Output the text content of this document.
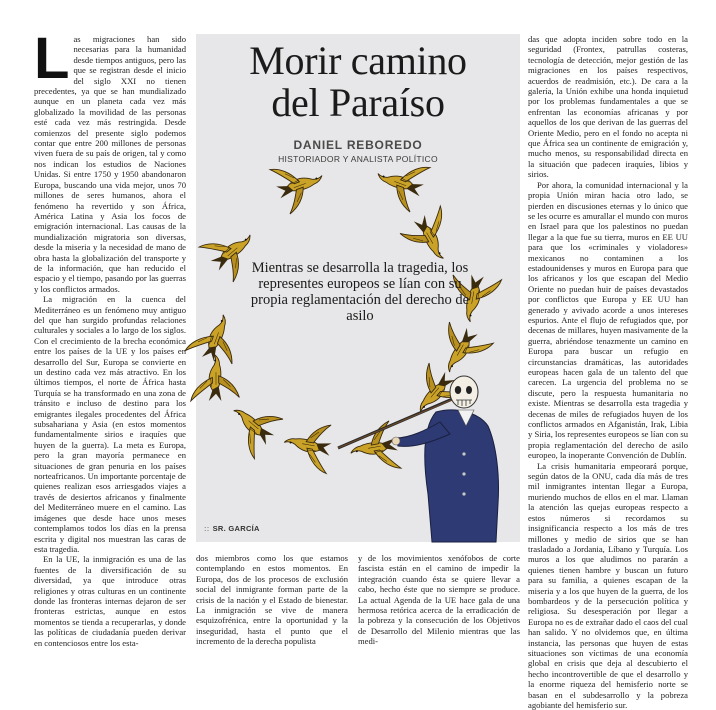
Las migraciones han sido necesarias para la humanidad desde tiempos antiguos, pero las que se registran desde el inicio del siglo XXI no tienen precedentes, ya que se han mundializado aunque en un planeta cada vez más globalizado la movilidad de las personas esté cada vez más restringida. Desde comienzos del presente siglo podemos contar que entre 200 millones de personas viven fuera de su país de origen, tal y como nos indican los estudios de Naciones Unidas. Si entre 1750 y 1950 abandonaron Europa, buscando una vida mejor, unos 70 millones de seres humanos, ahora el fenómeno ha revertido y son África, América Latina y Asia los focos de emigración internacional. Las causas de la mundialización migratoria son diversas, desde la miseria y la necesidad de mano de obra hasta la globalización del transporte y de la información, que han reducido el espacio y el tiempo, pasando por las guerras y los conflictos armados.

La migración en la cuenca del Mediterráneo es un fenómeno muy antiguo del que han surgido profundas relaciones culturales y sociales a lo largo de los siglos. Con el crecimiento de la brecha económica entre los países de la UE y los países en desarrollo del Sur, Europa se convierte en un destino cada vez más atractivo. En los últimos tiempos, el norte de África hasta Turquía se ha transformado en una zona de tránsito e incluso de destino para los emigrantes ilegales procedentes del África subsahariana y Asia (en estos momentos fundamentalmente sirios e iraquíes que huyen de la guerra). La meta es Europa, pero la gran mayoría permanece en situaciones de gran penuria en los países norteafricanos. Un importante porcentaje de quienes realizan esos arriesgados viajes a través de desiertos africanos y finalmente del Mediterráneo muere en el camino. Las imágenes que desde hace unos meses contemplamos todos los días en la prensa escrita y digital nos muestran las caras de esta tragedia.

En la UE, la inmigración es una de las fuentes de la diversificación de su diversidad, ya que introduce otras religiones y otras culturas en un continente donde las fronteras internas dejaron de ser fronteras estrictas, aunque en estos momentos se tienda a recuperarlas, y donde las políticas de ciudadanía pueden derivar en contenciosos entre los esta-

Morir camino
del Paraíso
DANIEL REBOREDO
HISTORIADOR Y ANALISTA POLÍTICO
Mientras se desarrolla la tragedia, los representes europeos se lían con su propia reglamentación del derecho de asilo
:: SR. GARCÍA

dos miembros como los que estamos contemplando en estos momentos. En Europa, dos de los procesos de exclusión social del inmigrante forman parte de la crisis de la nación y el Estado de bienestar. La inmigración se vive de manera esquizofrénica, entre la oportunidad y la inseguridad, hasta el punto que el incremento de la derecha populista

y de los movimientos xenófobos de corte fascista están en el camino de impedir la integración cuando ésta se quiere llevar a cabo, hecho éste que no siempre se produce. La actual Agenda de la UE hace gala de una hermosa retórica acerca de la erradicación de la pobreza y la consecución de los Objetivos de Desarrollo del Milenio mientras que las medi-

das que adopta inciden sobre todo en la seguridad (Frontex, patrullas costeras, tecnología de detección, mejor gestión de las migraciones en los países respectivos, acuerdos de readmisión, etc.). De cara a la galería, la Unión exhibe una honda inquietud por los problemas fundamentales a que se enfrentan las economías africanas y por aquellos de los que derivan de las guerras del Oriente Medio, pero en el fondo no acepta ni que África sea un continente de emigración y, mucho menos, su responsabilidad directa en la situación que padecen iraquíes, libios y sirios.

Por ahora, la comunidad internacional y la propia Unión miran hacia otro lado, se pierden en discusiones eternas y lo único que se les ocurre es amurallar el mundo con muros en Israel para que los palestinos no puedan llegar a la que fue su tierra, muros en EE UU para que los «criminales y violadores» mexicanos no contaminen a los estadounidenses y muros en Europa para que los africanos y los que escapan del Medio Oriente no puedan huir de países devastados por conflictos que Europa y EE UU han generado y avivado acorde a unos intereses espurios. Ante el flujo de refugiados que, por decenas de millares, huyen masivamente de la guerra, abriéndose tenazmente un camino en Europa para buscar un refugio en circunstancias dramáticas, las autoridades europeas hacen gala de un talento del que carecen. La urgencia del problema no se discute, pero la respuesta humanitaria no existe. Mientras se desarrolla esta tragedia y decenas de miles de refugiados huyen de los conflictos armados en Afganistán, Irak, Libia y Siria, los representes europeos se lían con su propia reglamentación del derecho de asilo europeo, la inoperante Convención de Dublín.

La crisis humanitaria empeorará porque, según datos de la ONU, cada día más de tres mil inmigrantes intentan llegar a Europa, muriendo muchos de ellos en el mar. Llaman la atención las quejas europeas respecto a estos números si recordamos su insignificancia respecto a los más de tres millones y medio de sirios que se han trasladado a Jordania, Líbano y Turquía. Los muros a los que aludimos no pararán a quienes tienen hambre y buscan un futuro para su familia, a quienes escapan de la miseria y a los que huyen de la guerra, de los bombardeos y de la persecución política y religiosa. Su desesperación por llegar a Europa no es de extrañar dado el caos del cual han salido. Y no olvidemos que, en última instancia, las personas que huyen de estas situaciones son víctimas de una economía global en crisis que deja al descubierto el hecho incontrovertible de que el desarrollo y la enorme riqueza del hemisferio norte se basan en el subdesarrollo y la pobreza agobiante del hemisferio sur.
